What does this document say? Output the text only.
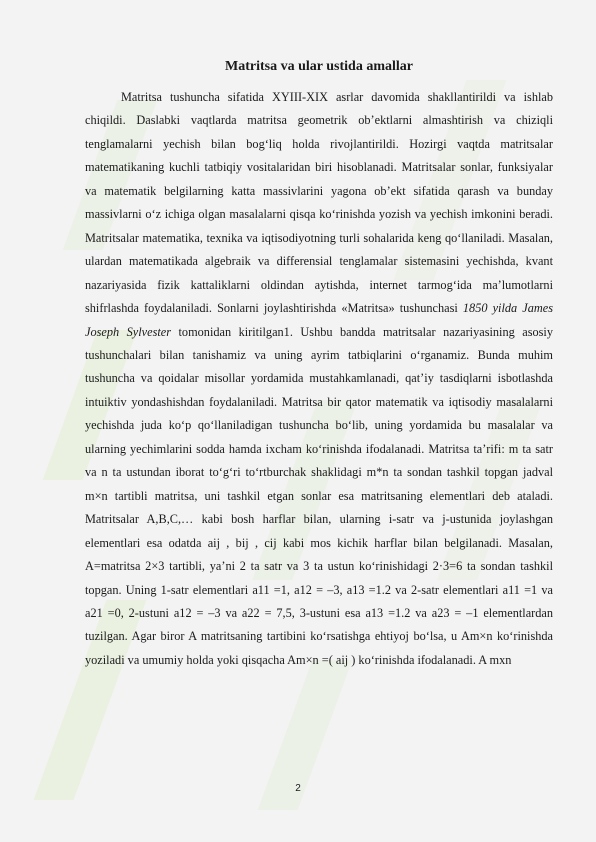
Matritsa va ular ustida amallar

Matritsa tushuncha sifatida XYIII-XIX asrlar davomida shakllantirildi va ishlab chiqildi. Daslabki vaqtlarda matritsa geometrik ob’ektlarni almashtirish va chiziqli tenglamalarni yechish bilan bog‘liq holda rivojlantirildi. Hozirgi vaqtda matritsalar matematikaning kuchli tatbiqiy vositalaridan biri hisoblanadi. Matritsalar sonlar, funksiyalar va matematik belgilarning katta massivlarini yagona ob’ekt sifatida qarash va bunday massivlarni o‘z ichiga olgan masalalarni qisqa ko‘rinishda yozish va yechish imkonini beradi. Matritsalar matematika, texnika va iqtisodiyotning turli sohalarida keng qo‘llaniladi. Masalan, ulardan matematikada algebraik va differensial tenglamalar sistemasini yechishda, kvant nazariyasida fizik kattaliklarni oldindan aytishda, internet tarmog‘ida ma’lumotlarni shifrlashda foydalaniladi. Sonlarni joylashtirishda «Matritsa» tushunchasi 1850 yilda James Joseph Sylvester tomonidan kiritilgan1. Ushbu bandda matritsalar nazariyasining asosiy tushunchalari bilan tanishamiz va uning ayrim tatbiqlarini o‘rganamiz. Bunda muhim tushuncha va qoidalar misollar yordamida mustahkamlanadi, qat’iy tasdiqlarni isbotlashda intuiktiv yondashishdan foydalaniladi. Matritsa bir qator matematik va iqtisodiy masalalarni yechishda juda ko‘p qo‘llaniladigan tushuncha bo‘lib, uning yordamida bu masalalar va ularning yechimlarini sodda hamda ixcham ko‘rinishda ifodalanadi. Matritsa ta’rifi: m ta satr va n ta ustundan iborat to‘g‘ri to‘rtburchak shaklidagi m*n ta sondan tashkil topgan jadval m×n tartibli matritsa, uni tashkil etgan sonlar esa matritsaning elementlari deb ataladi. Matritsalar A,B,C,… kabi bosh harflar bilan, ularning i-satr va j-ustunida joylashgan elementlari esa odatda aij , bij , cij kabi mos kichik harflar bilan belgilanadi. Masalan, A=matritsa 2×3 tartibli, ya’ni 2 ta satr va 3 ta ustun ko‘rinishidagi 2·3=6 ta sondan tashkil topgan. Uning 1-satr elementlari a11 =1, a12 = –3, a13 =1.2 va 2-satr elementlari a11 =1 va a21 =0, 2-ustuni a12 = –3 va a22 = 7,5, 3-ustuni esa a13 =1.2 va a23 = –1 elementlardan tuzilgan. Agar biror A matritsaning tartibini ko‘rsatishga ehtiyoj bo‘lsa, u Am×n ko‘rinishda yoziladi va umumiy holda yoki qisqacha Am×n =( aij ) ko‘rinishda ifodalanadi. A mxn

2
